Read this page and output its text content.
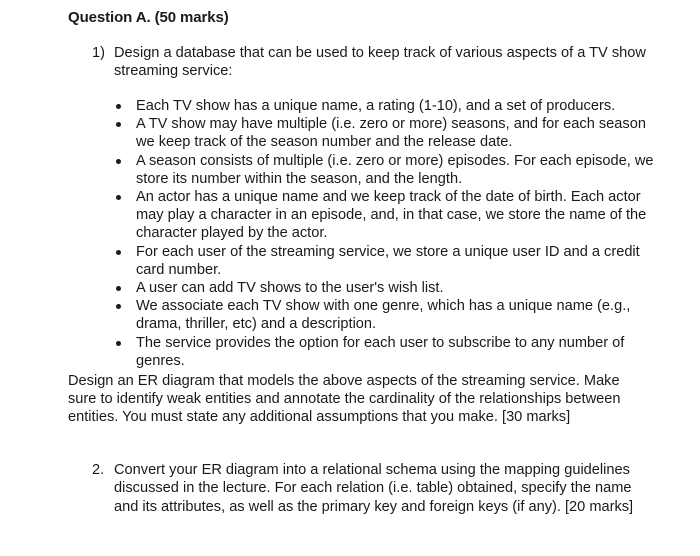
Question A. (50 marks)
1) Design a database that can be used to keep track of various aspects of a TV show streaming service:
Each TV show has a unique name, a rating (1-10), and a set of producers.
A TV show may have multiple (i.e. zero or more) seasons, and for each season we keep track of the season number and the release date.
A season consists of multiple (i.e. zero or more) episodes. For each episode, we store its number within the season, and the length.
An actor has a unique name and we keep track of the date of birth. Each actor may play a character in an episode, and, in that case, we store the name of the character played by the actor.
For each user of the streaming service, we store a unique user ID and a credit card number.
A user can add TV shows to the user's wish list.
We associate each TV show with one genre, which has a unique name (e.g., drama, thriller, etc) and a description.
The service provides the option for each user to subscribe to any number of genres.
Design an ER diagram that models the above aspects of the streaming service. Make sure to identify weak entities and annotate the cardinality of the relationships between entities. You must state any additional assumptions that you make. [30 marks]
2. Convert your ER diagram into a relational schema using the mapping guidelines discussed in the lecture. For each relation (i.e. table) obtained, specify the name and its attributes, as well as the primary key and foreign keys (if any). [20 marks]
